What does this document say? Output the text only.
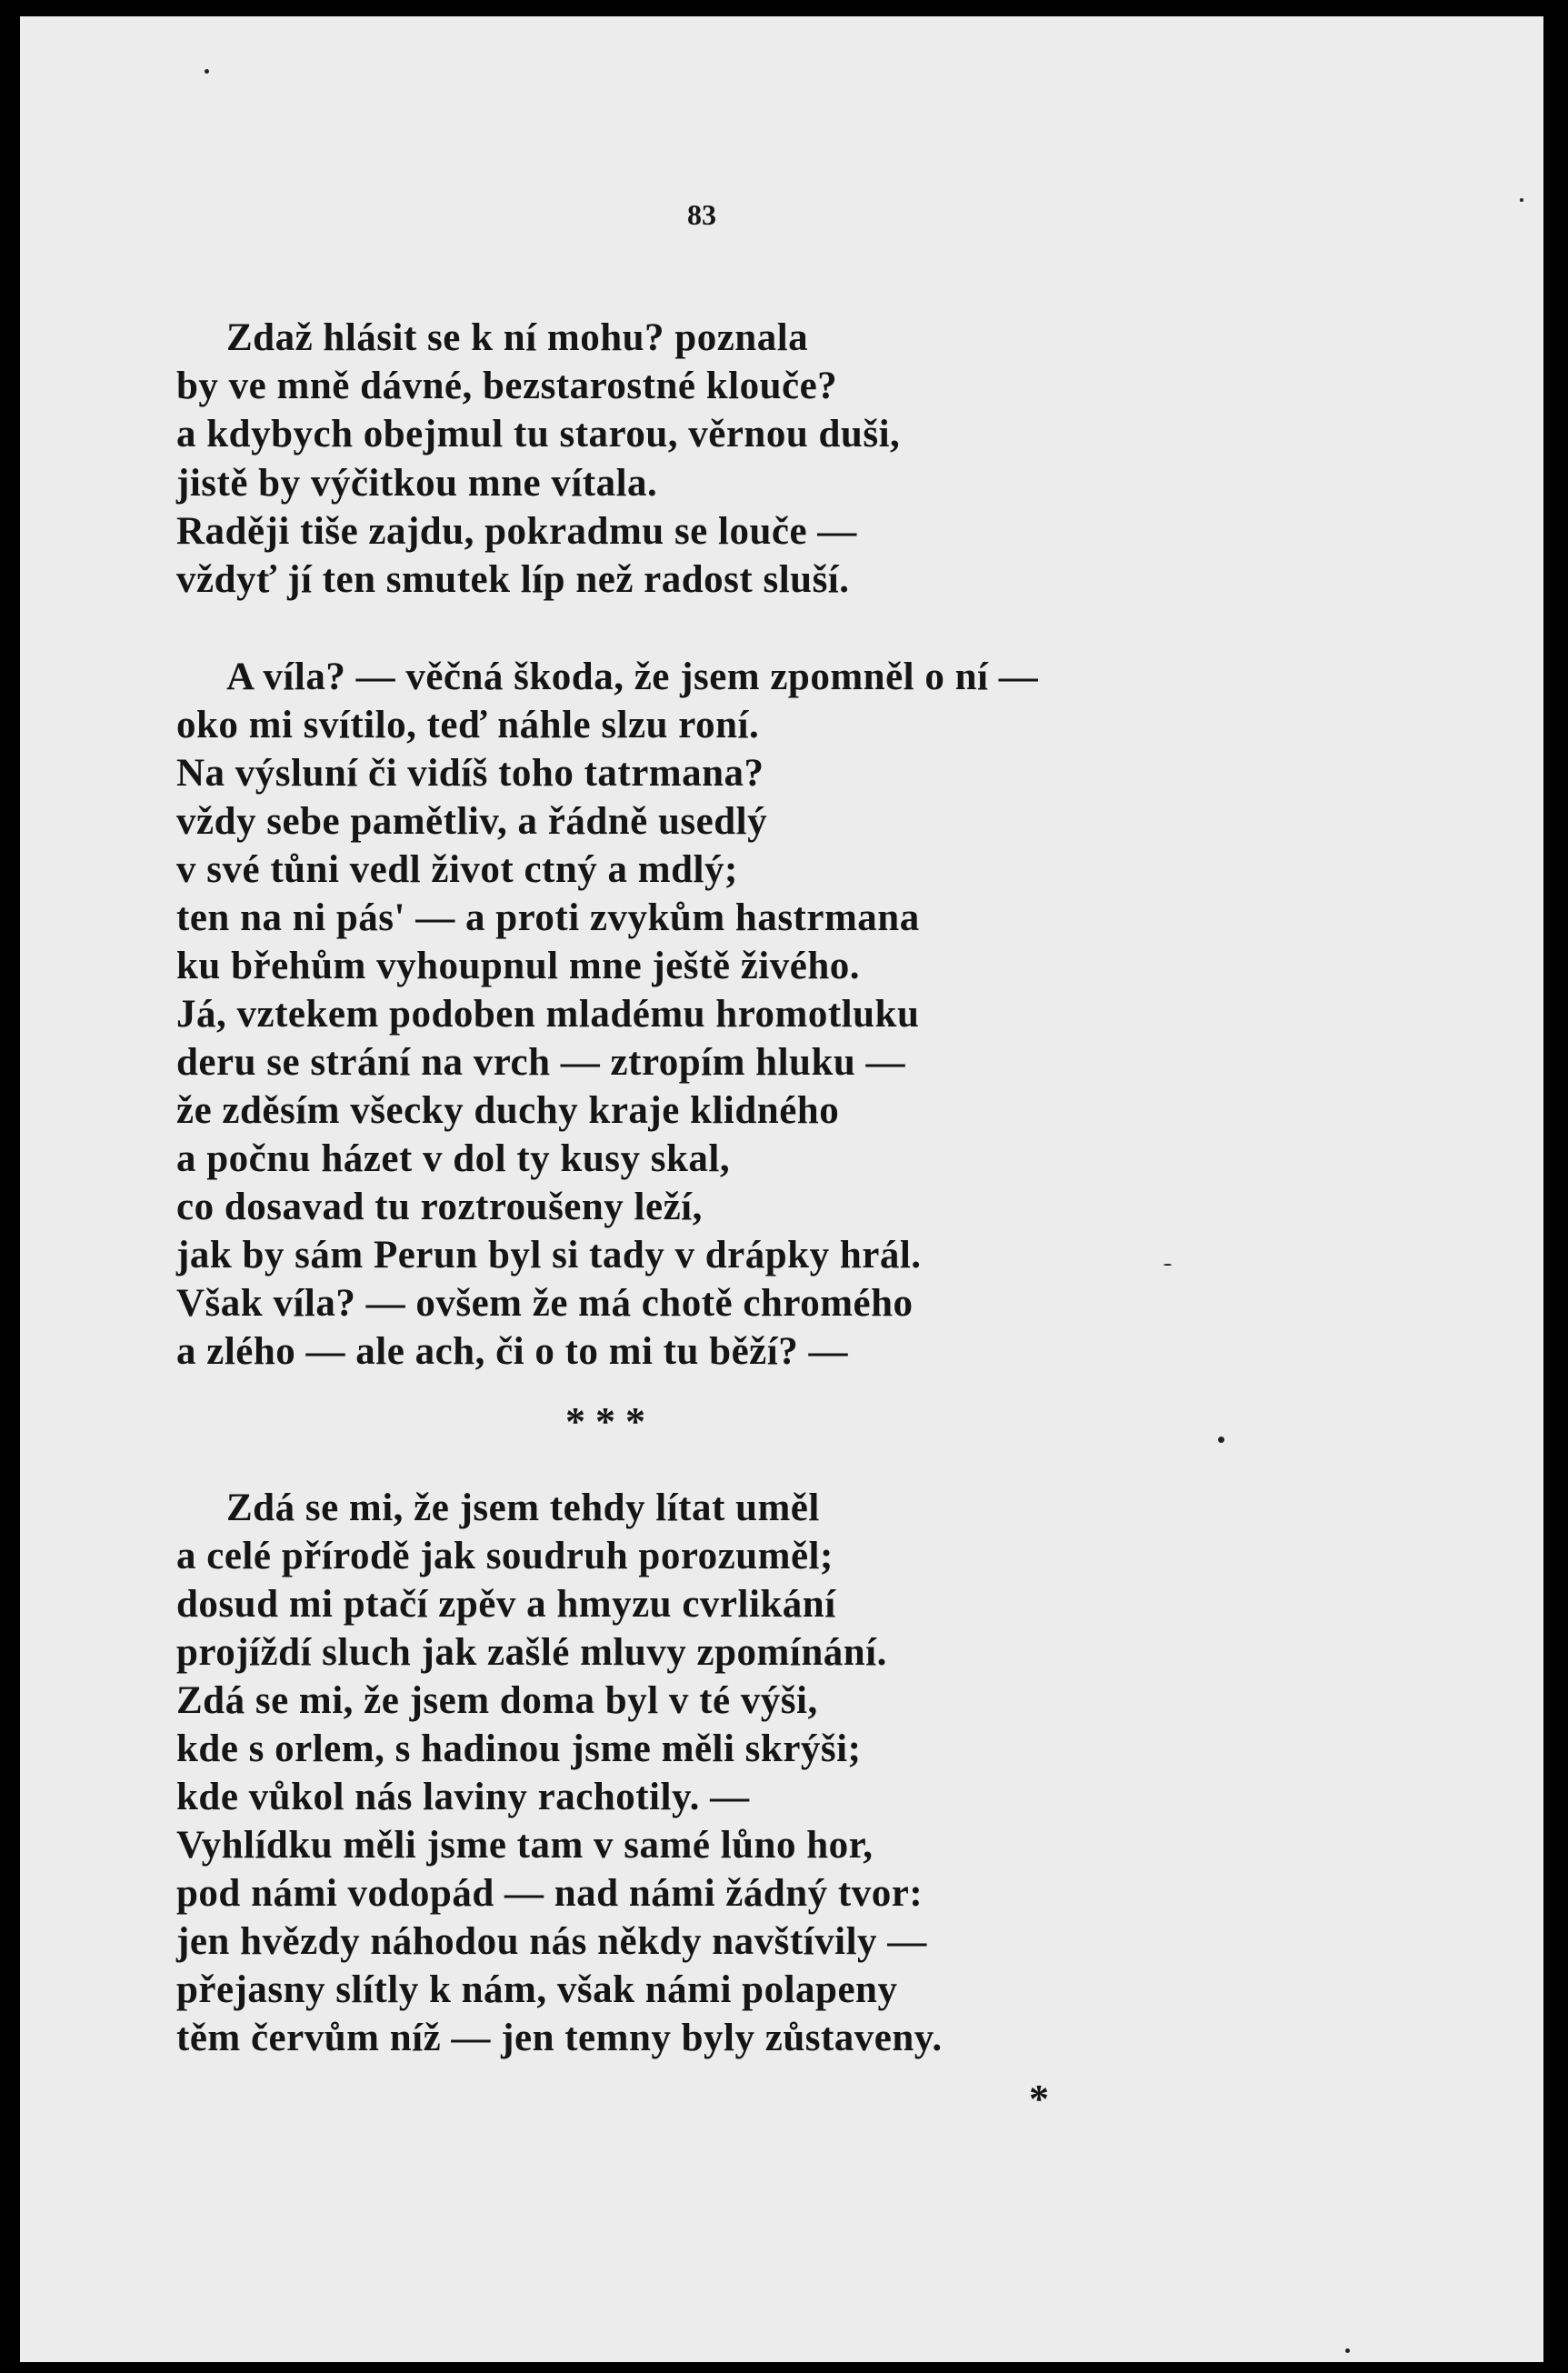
83
Zdaž hlásit se k ní mohu? poznala
by ve mně dávné, bezstarostné klouče?
a kdybych obejmul tu starou, věrnou duši,
jistě by výčitkou mne vítala.
Raději tiše zajdu, pokradmu se louče —
vždyť jí ten smutek líp než radost sluší.
A víla? — věčná škoda, že jsem zpomněl o ní —
oko mi svítilo, teď náhle slzu roní.
Na výsluní či vidíš toho tatrmana?
vždy sebe pamětliv, a řádně usedlý
v své tůni vedl život ctný a mdlý;
ten na ni pás' — a proti zvykům hastrmana
ku břehům vyhoupnul mne ještě živého.
Já, vztekem podoben mladému hromotluku
deru se strání na vrch — ztropím hluku —
že zděsím všecky duchy kraje klidného
a počnu házet v dol ty kusy skal,
co dosavad tu roztroušeny leží,
jak by sám Perun byl si tady v drápky hrál.
Však víla? — ovšem že má chotě chromého
a zlého — ale ach, či o to mi tu běží? —
* * *
Zdá se mi, že jsem tehdy lítat uměl
a celé přírodě jak soudruh porozuměl;
dosud mi ptačí zpěv a hmyzu cvrlikání
projíždí sluch jak zašlé mluvy zpomínání.
Zdá se mi, že jsem doma byl v té výši,
kde s orlem, s hadinou jsme měli skrýši;
kde vůkol nás laviny rachotily. —
Vyhlídku měli jsme tam v samé lůno hor,
pod námi vodopád — nad námi žádný tvor:
jen hvězdy náhodou nás někdy navštívily —
přejasny slítly k nám, však námi polapeny
těm červům níž — jen temny byly zůstaveny.
*
